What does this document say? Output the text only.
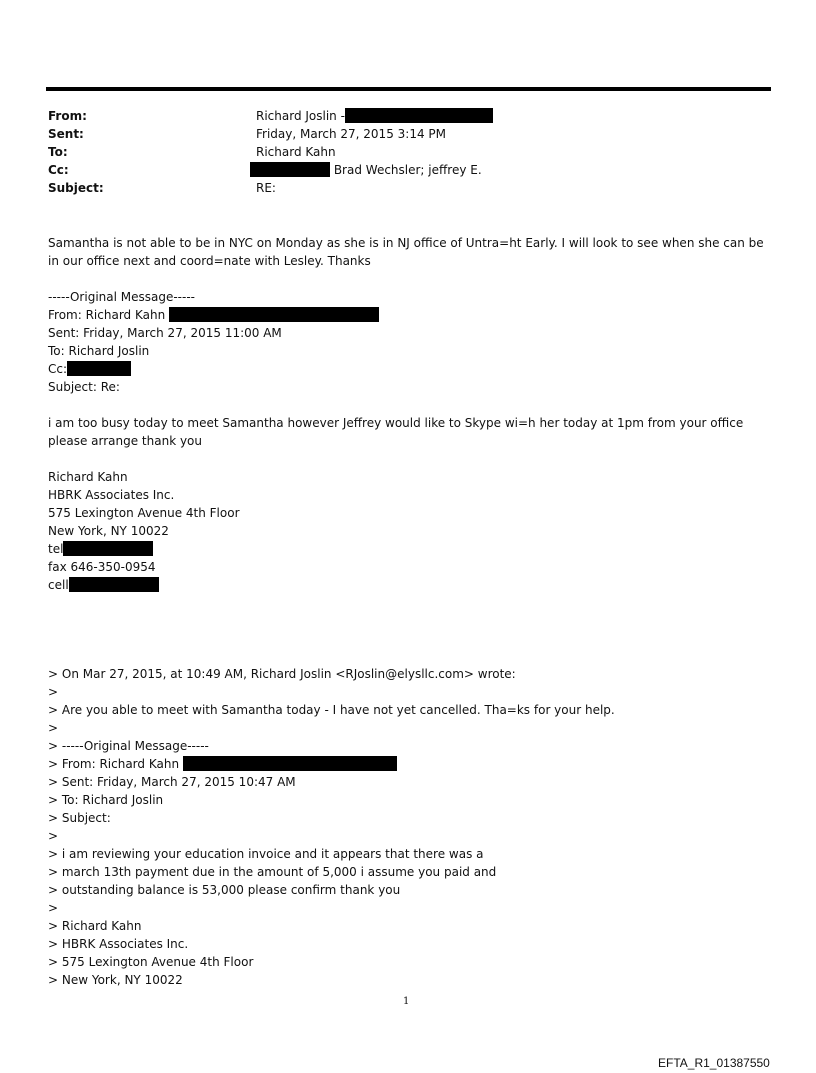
From:	Richard Joslin -
Sent:	Friday, March 27, 2015 3:14 PM
To:	Richard Kahn
Cc:	Brad Wechsler; jeffrey E.
Subject:	RE:
Samantha is not able to be in NYC on Monday as she is in NJ office of Untra=ht Early. I will look to see when she can be
in our office next and coord=nate with Lesley. Thanks
-----Original Message-----
From: Richard Kahn
Sent: Friday, March 27, 2015 11:00 AM
To: Richard Joslin
Cc:
Subject: Re:
i am too busy today to meet Samantha however Jeffrey would like to Skype wi=h her today at 1pm from your office
please arrange thank you
Richard Kahn
HBRK Associates Inc.
575 Lexington Avenue 4th Floor
New York, NY 10022
tel
fax 646-350-0954
cell
> On Mar 27, 2015, at 10:49 AM, Richard Joslin <RJoslin@elysllc.com> wrote:
>
> Are you able to meet with Samantha today - I have not yet cancelled. Tha=ks for your help.
>
> -----Original Message-----
> From: Richard Kahn
> Sent: Friday, March 27, 2015 10:47 AM
> To: Richard Joslin
> Subject:
>
> i am reviewing your education invoice and it appears that there was a
> march 13th payment due in the amount of 5,000 i assume you paid and
> outstanding balance is 53,000 please confirm thank you
>
> Richard Kahn
> HBRK Associates Inc.
> 575 Lexington Avenue 4th Floor
> New York, NY 10022
1
EFTA_R1_01387550
